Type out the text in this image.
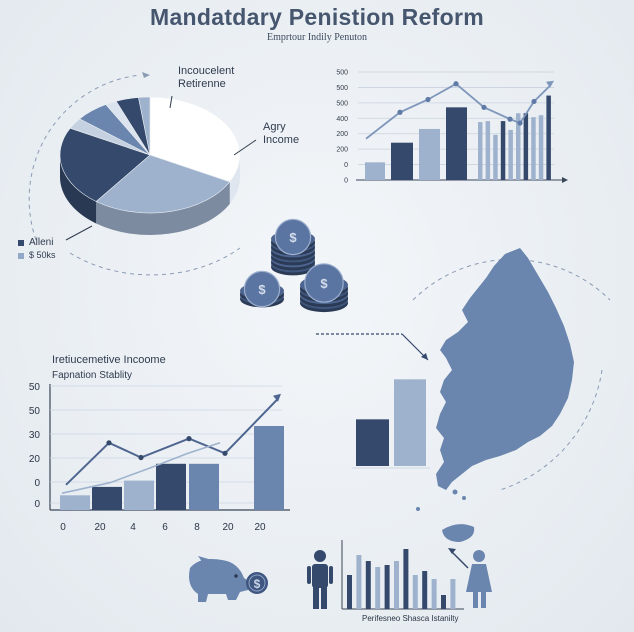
Mandatdary Penistion Reform
Emprtour Indily Penuton
Incoucelent
Retirenne
Agry
Income
Alleni
$ 50ks
500
500
500
400
200
200
0
0
$
$	$
Iretiucemetive Incoome
Fapnation Stablity
50
50
30
20
0
0
0	20 4	6	8 20 20
$
Perifesneo Shasca Istanilty
